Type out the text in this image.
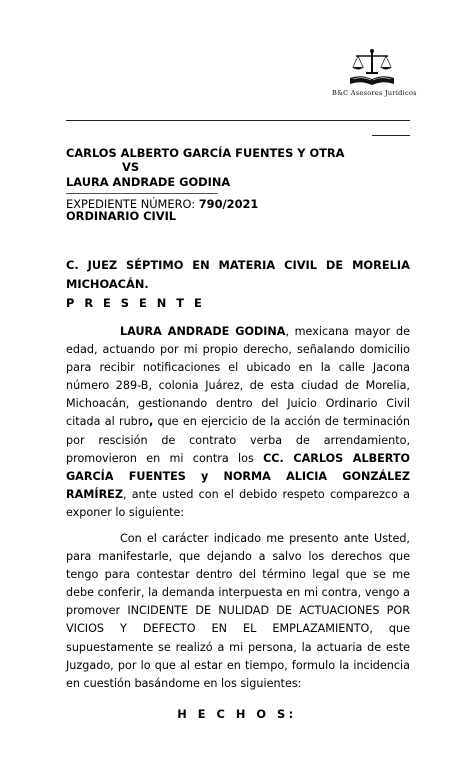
B&C Asesores Jurídicos
CARLOS ALBERTO GARCÍA FUENTES Y OTRA
VS
LAURA ANDRADE GODINA
EXPEDIENTE NÚMERO: 790/2021
ORDINARIO CIVIL
C. JUEZ SÉPTIMO EN MATERIA CIVIL DE MORELIA
MICHOACÁN.
P R E S E N T E
LAURA ANDRADE GODINA, mexicana mayor de edad, actuando por mi propio derecho, señalando domicilio para recibir notificaciones el ubicado en la calle Jacona número 289-B, colonia Juárez, de esta ciudad de Morelia, Michoacán, gestionando dentro del Juicio Ordinario Civil citada al rubro, que en ejercicio de la acción de terminación por rescisión de contrato verba de arrendamiento, promovieron en mi contra los CC. CARLOS ALBERTO GARCÍA FUENTES y NORMA ALICIA GONZÁLEZ RAMÍREZ, ante usted con el debido respeto comparezco a exponer lo siguiente:
Con el carácter indicado me presento ante Usted, para manifestarle, que dejando a salvo los derechos que tengo para contestar dentro del término legal que se me debe conferir, la demanda interpuesta en mi contra, vengo a promover INCIDENTE DE NULIDAD DE ACTUACIONES POR VICIOS Y DEFECTO EN EL EMPLAZAMIENTO, que supuestamente se realizó a mi persona, la actuaria de este Juzgado, por lo que al estar en tiempo, formulo la incidencia en cuestión basándome en los siguientes:
H E C H O S:
